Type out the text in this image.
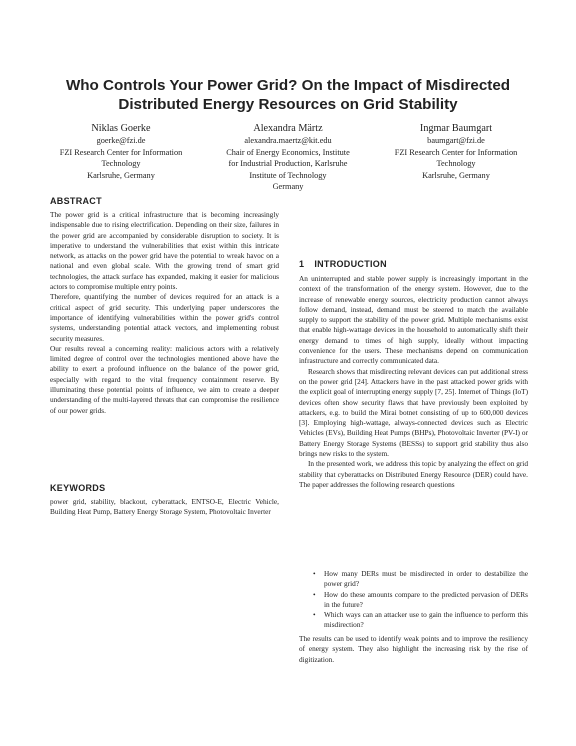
Who Controls Your Power Grid? On the Impact of Misdirected
Distributed Energy Resources on Grid Stability
Niklas Goerke
goerke@fzi.de
FZI Research Center for Information
Technology
Karlsruhe, Germany
Alexandra Märtz
alexandra.maertz@kit.edu
Chair of Energy Economics, Institute
for Industrial Production, Karlsruhe
Institute of Technology
Germany
Ingmar Baumgart
baumgart@fzi.de
FZI Research Center for Information
Technology
Karlsruhe, Germany
ABSTRACT

The power grid is a critical infrastructure that is becoming increasingly indispensable due to rising electrification. Depending on their size, failures in the power grid are accompanied by considerable disruption to society. It is imperative to understand the vulnerabilities that exist within this intricate network, as attacks on the power grid have the potential to wreak havoc on a national and even global scale. With the growing trend of smart grid technologies, the attack surface has expanded, making it easier for malicious actors to compromise multiple entry points.

Therefore, quantifying the number of devices required for an attack is a critical aspect of grid security. This underlying paper underscores the importance of identifying vulnerabilities within the power grid's control systems, understanding potential attack vectors, and implementing robust security measures.

Our results reveal a concerning reality: malicious actors with a relatively limited degree of control over the technologies mentioned above have the ability to exert a profound influence on the balance of the power grid, especially with regard to the vital frequency containment reserve. By illuminating these potential points of influence, we aim to create a deeper understanding of the multi-layered threats that can compromise the resilience of our power grids.

KEYWORDS

power grid, stability, blackout, cyberattack, ENTSO-E, Electric Vehicle, Building Heat Pump, Battery Energy Storage System, Photovoltaic Inverter

1 INTRODUCTION

An uninterrupted and stable power supply is increasingly important in the context of the transformation of the energy system. However, due to the increase of renewable energy sources, electricity production cannot always follow demand, instead, demand must be steered to match the available supply to support the stability of the power grid. Multiple mechanisms exist that enable high-wattage devices in the household to automatically shift their energy demand to times of high supply, ideally without impacting convenience for the users. These mechanisms depend on communication infrastructure and correctly communicated data.

Research shows that misdirecting relevant devices can put additional stress on the power grid [24]. Attackers have in the past attacked power grids with the explicit goal of interrupting energy supply [7, 25]. Internet of Things (IoT) devices often show security flaws that have previously been exploited by attackers, e.g. to build the Mirai botnet consisting of up to 600,000 devices [3]. Employing high-wattage, always-connected devices such as Electric Vehicles (EVs), Building Heat Pumps (BHPs), Photovoltaic Inverter (PV-I) or Battery Energy Storage Systems (BESSs) to support grid stability thus also brings new risks to the system.

In the presented work, we address this topic by analyzing the effect on grid stability that cyberattacks on Distributed Energy Resource (DER) could have. The paper addresses the following research questions

• How many DERs must be misdirected in order to destabilize the power grid?
• How do these amounts compare to the predicted pervasion of DERs in the future?
• Which ways can an attacker use to gain the influence to perform this misdirection?

The results can be used to identify weak points and to improve the resiliency of energy system. They also highlight the increasing risk by the rise of digitization.
